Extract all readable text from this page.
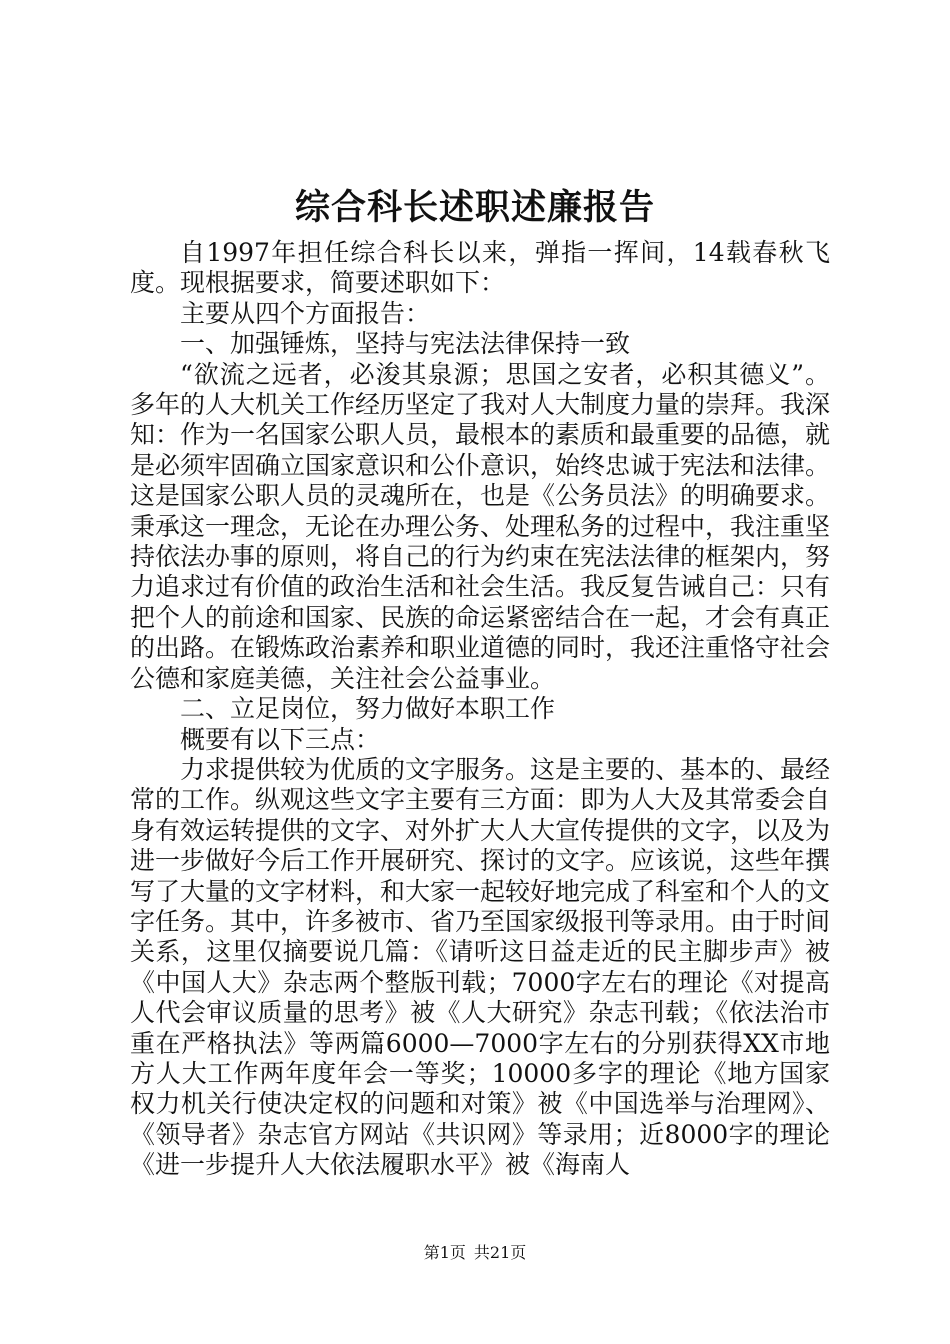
综合科长述职述廉报告

自1997年担任综合科长以来，弹指一挥间，14载春秋飞度。现根据要求，简要述职如下：

主要从四个方面报告：

一、加强锤炼，坚持与宪法法律保持一致

“欲流之远者，必浚其泉源；思国之安者，必积其德义”。多年的人大机关工作经历坚定了我对人大制度力量的崇拜。我深知：作为一名国家公职人员，最根本的素质和最重要的品德，就是必须牢固确立国家意识和公仆意识，始终忠诚于宪法和法律。这是国家公职人员的灵魂所在，也是《公务员法》的明确要求。秉承这一理念，无论在办理公务、处理私务的过程中，我注重坚持依法办事的原则，将自己的行为约束在宪法法律的框架内，努力追求过有价值的政治生活和社会生活。我反复告诫自己：只有把个人的前途和国家、民族的命运紧密结合在一起，才会有真正的出路。在锻炼政治素养和职业道德的同时，我还注重恪守社会公德和家庭美德，关注社会公益事业。

二、立足岗位，努力做好本职工作

概要有以下三点：

力求提供较为优质的文字服务。这是主要的、基本的、最经常的工作。纵观这些文字主要有三方面：即为人大及其常委会自身有效运转提供的文字、对外扩大人大宣传提供的文字，以及为进一步做好今后工作开展研究、探讨的文字。应该说，这些年撰写了大量的文字材料，和大家一起较好地完成了科室和个人的文字任务。其中，许多被市、省乃至国家级报刊等录用。由于时间关系，这里仅摘要说几篇：《请听这日益走近的民主脚步声》被《中国人大》杂志两个整版刊载；7000字左右的理论《对提高人代会审议质量的思考》被《人大研究》杂志刊载；《依法治市重在严格执法》等两篇6000—7000字左右的分别获得XX市地方人大工作两年度年会一等奖；10000多字的理论《地方国家权力机关行使决定权的问题和对策》被《中国选举与治理网》、《领导者》杂志官方网站《共识网》等录用；近8000字的理论《进一步提升人大依法履职水平》被《海南人

第1页 共21页
